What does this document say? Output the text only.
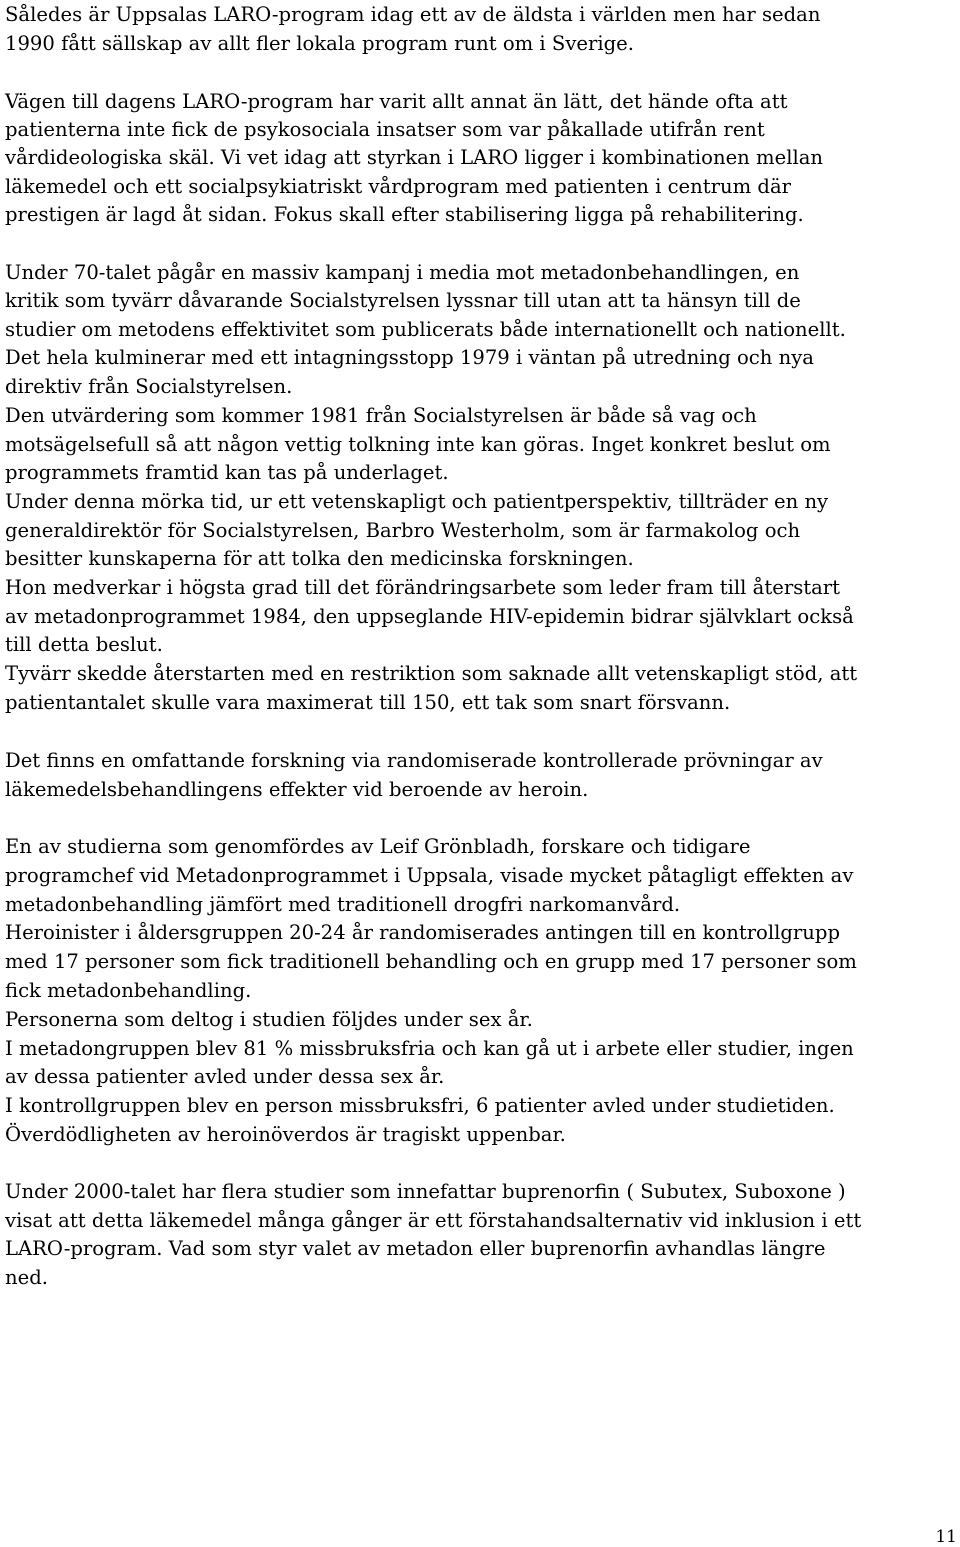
Således är Uppsalas LARO-program idag ett av de äldsta i världen men har sedan

1990 fått sällskap av allt fler lokala program runt om i Sverige.

Vägen till dagens LARO-program har varit allt annat än lätt, det hände ofta att

patienterna inte fick de psykosociala insatser som var påkallade utifrån rent

vårdideologiska skäl. Vi vet idag att styrkan i LARO ligger i kombinationen mellan

läkemedel och ett socialpsykiatriskt vårdprogram med patienten i centrum där

prestigen är lagd åt sidan. Fokus skall efter stabilisering ligga på rehabilitering.

Under 70-talet pågår en massiv kampanj i media mot metadonbehandlingen, en

kritik som tyvärr dåvarande Socialstyrelsen lyssnar till utan att ta hänsyn till de

studier om metodens effektivitet som publicerats både internationellt och nationellt.

Det hela kulminerar med ett intagningsstopp 1979 i väntan på utredning och nya

direktiv från Socialstyrelsen.

Den utvärdering som kommer 1981 från Socialstyrelsen är både så vag och

motsägelsefull så att någon vettig tolkning inte kan göras. Inget konkret beslut om

programmets framtid kan tas på underlaget.

Under denna mörka tid, ur ett vetenskapligt och patientperspektiv, tillträder en ny

generaldirektör för Socialstyrelsen, Barbro Westerholm, som är farmakolog och

besitter kunskaperna för att tolka den medicinska forskningen.

Hon medverkar i högsta grad till det förändringsarbete som leder fram till återstart

av metadonprogrammet 1984, den uppseglande HIV-epidemin bidrar självklart också

till detta beslut.

Tyvärr skedde återstarten med en restriktion som saknade allt vetenskapligt stöd, att

patientantalet skulle vara maximerat till 150, ett tak som snart försvann.

Det finns en omfattande forskning via randomiserade kontrollerade prövningar av

läkemedelsbehandlingens effekter vid beroende av heroin.

En av studierna som genomfördes av Leif Grönbladh, forskare och tidigare

programchef vid Metadonprogrammet i Uppsala, visade mycket påtagligt effekten av

metadonbehandling jämfört med traditionell drogfri narkomanvård.

Heroinister i åldersgruppen 20-24 år randomiserades antingen till en kontrollgrupp

med 17 personer som fick traditionell behandling och en grupp med 17 personer som

fick metadonbehandling.

Personerna som deltog i studien följdes under sex år.

I metadongruppen blev 81 % missbruksfria och kan gå ut i arbete eller studier, ingen

av dessa patienter avled under dessa sex år.

I kontrollgruppen blev en person missbruksfri, 6 patienter avled under studietiden.

Överdödligheten av heroinöverdos är tragiskt uppenbar.

Under 2000-talet har flera studier som innefattar buprenorfin ( Subutex, Suboxone )

visat att detta läkemedel många gånger är ett förstahandsalternativ vid inklusion i ett

LARO-program. Vad som styr valet av metadon eller buprenorfin avhandlas längre

ned.

11
